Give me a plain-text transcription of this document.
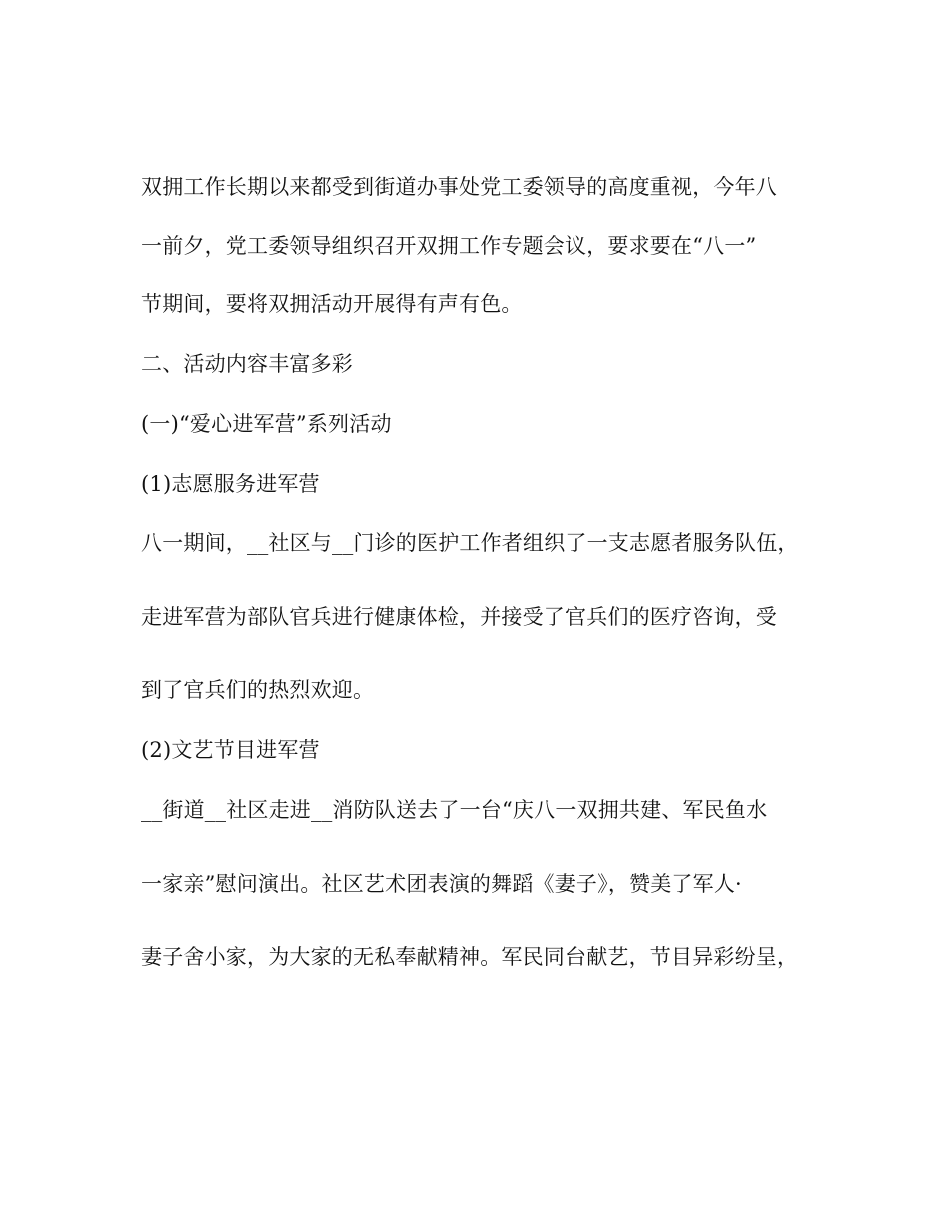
双拥工作长期以来都受到街道办事处党工委领导的高度重视，今年八
一前夕，党工委领导组织召开双拥工作专题会议，要求要在“八一”
节期间，要将双拥活动开展得有声有色。
二、活动内容丰富多彩
(一)“爱心进军营”系列活动
(1)志愿服务进军营
八一期间，__社区与__门诊的医护工作者组织了一支志愿者服务队伍，
走进军营为部队官兵进行健康体检，并接受了官兵们的医疗咨询，受
到了官兵们的热烈欢迎。
(2)文艺节目进军营
__街道__社区走进__消防队送去了一台“庆八一双拥共建、军民鱼水
一家亲”慰问演出。社区艺术团表演的舞蹈《妻子》，赞美了军人·
妻子舍小家，为大家的无私奉献精神。军民同台献艺，节目异彩纷呈，
